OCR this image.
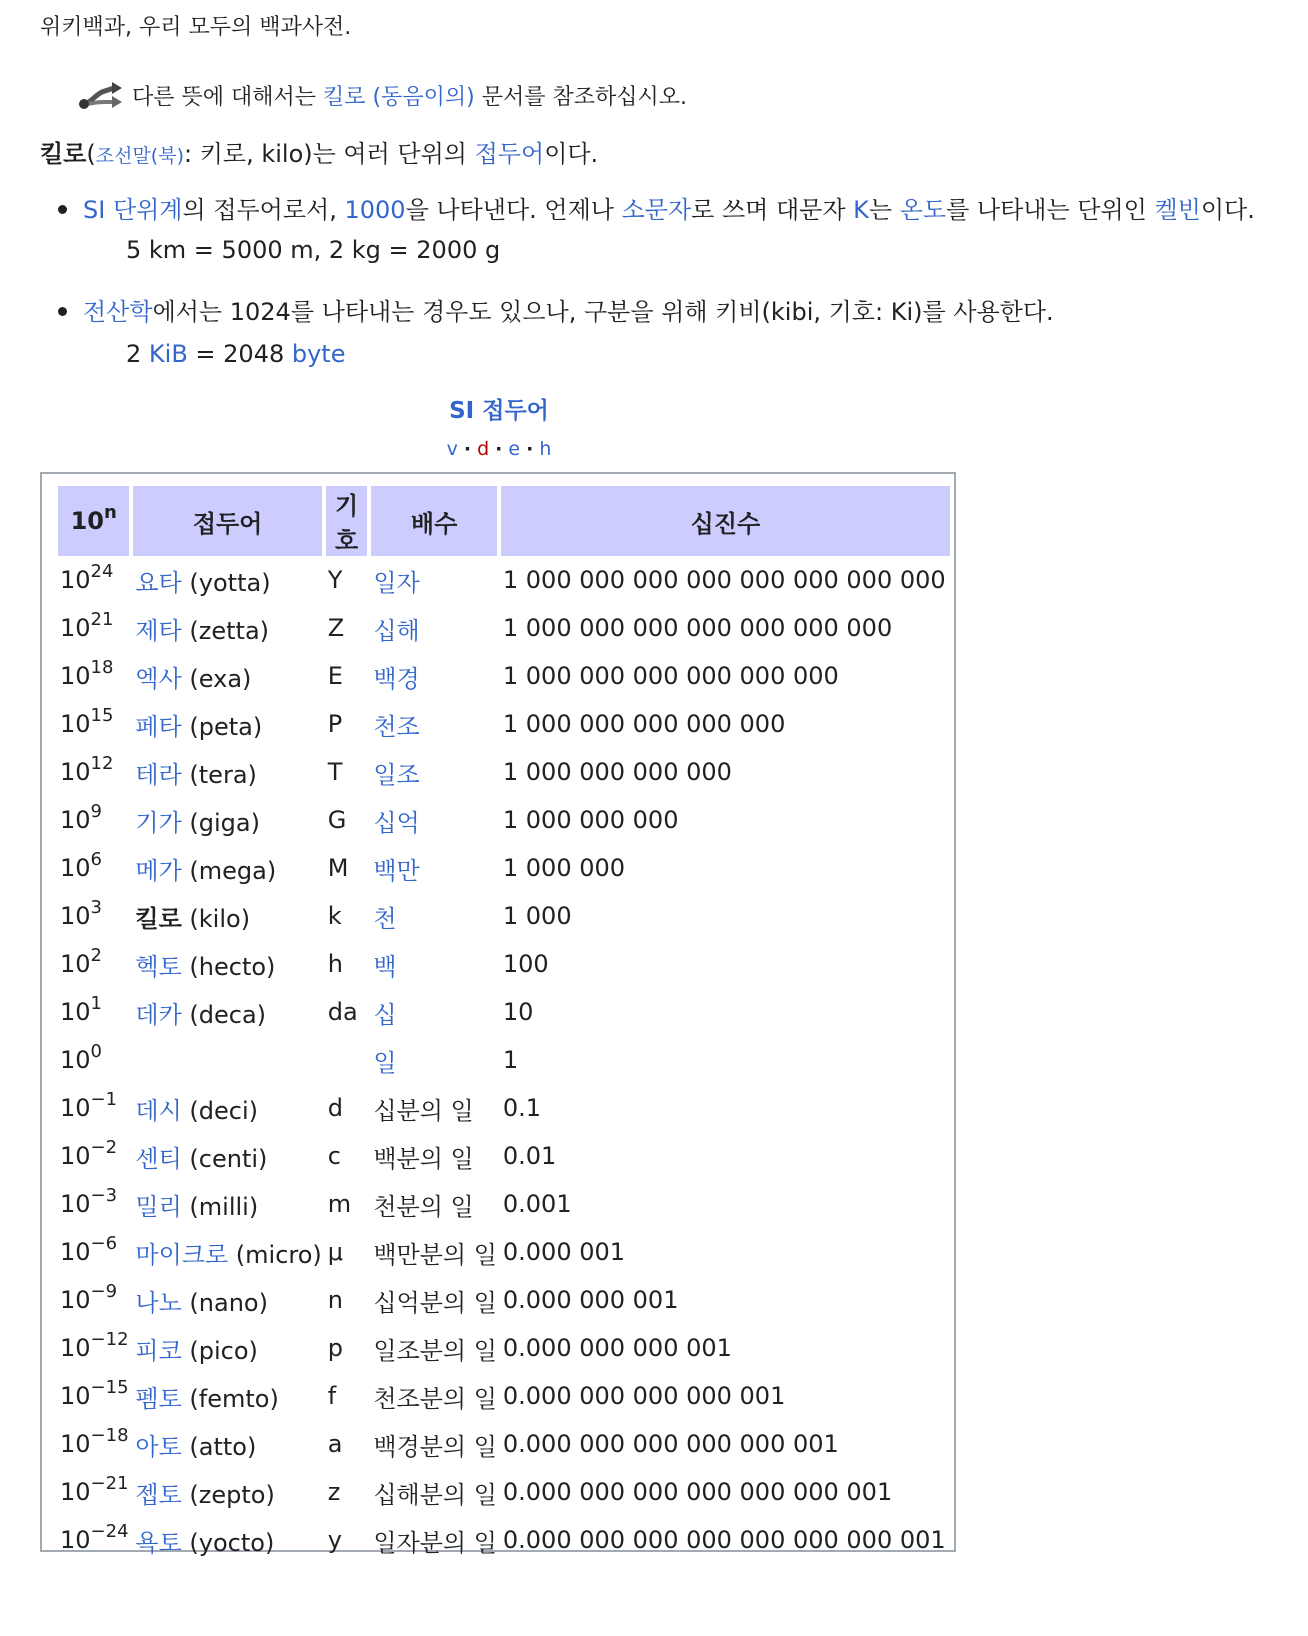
위키백과, 우리 모두의 백과사전.
다른 뜻에 대해서는
킬로 (동음이의)
문서를 참조하십시오.
킬로(조선말(북): 키로, kilo)는 여러 단위의 접두어이다.
SI 단위계의 접두어로서, 1000을 나타낸다. 언제나 소문자로 쓰며 대문자 K는 온도를 나타내는 단위인 켈빈이다.
5 km = 5000 m, 2 kg = 2000 g
전산학에서는 1024를 나타내는 경우도 있으나, 구분을 위해 키비(kibi, 기호: Ki)를 사용한다.
2 KiB = 2048 byte
SI 접두어
v · d · e · h
10$^n$	접두어	기호	배수	십진수
$10^{24}$	요타 (yotta)	Y	일자	1 000 000 000 000 000 000 000 000
$10^{21}$	제타 (zetta)	Z	십해	1 000 000 000 000 000 000 000
$10^{18}$	엑사 (exa)	E	백경	1 000 000 000 000 000 000
$10^{15}$	페타 (peta)	P	천조	1 000 000 000 000 000
$10^{12}$	테라 (tera)	T	일조	1 000 000 000 000
$10^9$	기가 (giga)	G	십억	1 000 000 000
$10^6$	메가 (mega)	M	백만	1 000 000
$10^3$	킬로 (kilo)	k	천	1 000
$10^2$	헥토 (hecto)	h	백	100
$10^1$	데카 (deca)	da	십	10
$10^0$			일	1
$10^{-1}$	데시 (deci)	d	십분의 일	0.1
$10^{-2}$	센티 (centi)	c	백분의 일	0.01
$10^{-3}$	밀리 (milli)	m	천분의 일	0.001
$10^{-6}$	마이크로 (micro)	μ	백만분의 일	0.000 001
$10^{-9}$	나노 (nano)	n	십억분의 일	0.000 000 001
$10^{-12}$	피코 (pico)	p	일조분의 일	0.000 000 000 001
$10^{-15}$	펨토 (femto)	f	천조분의 일	0.000 000 000 000 001
$10^{-18}$	아토 (atto)	a	백경분의 일	0.000 000 000 000 000 001
$10^{-21}$	젭토 (zepto)	z	십해분의 일	0.000 000 000 000 000 000 001
$10^{-24}$	욕토 (yocto)	y	일자분의 일	0.000 000 000 000 000 000 000 001
